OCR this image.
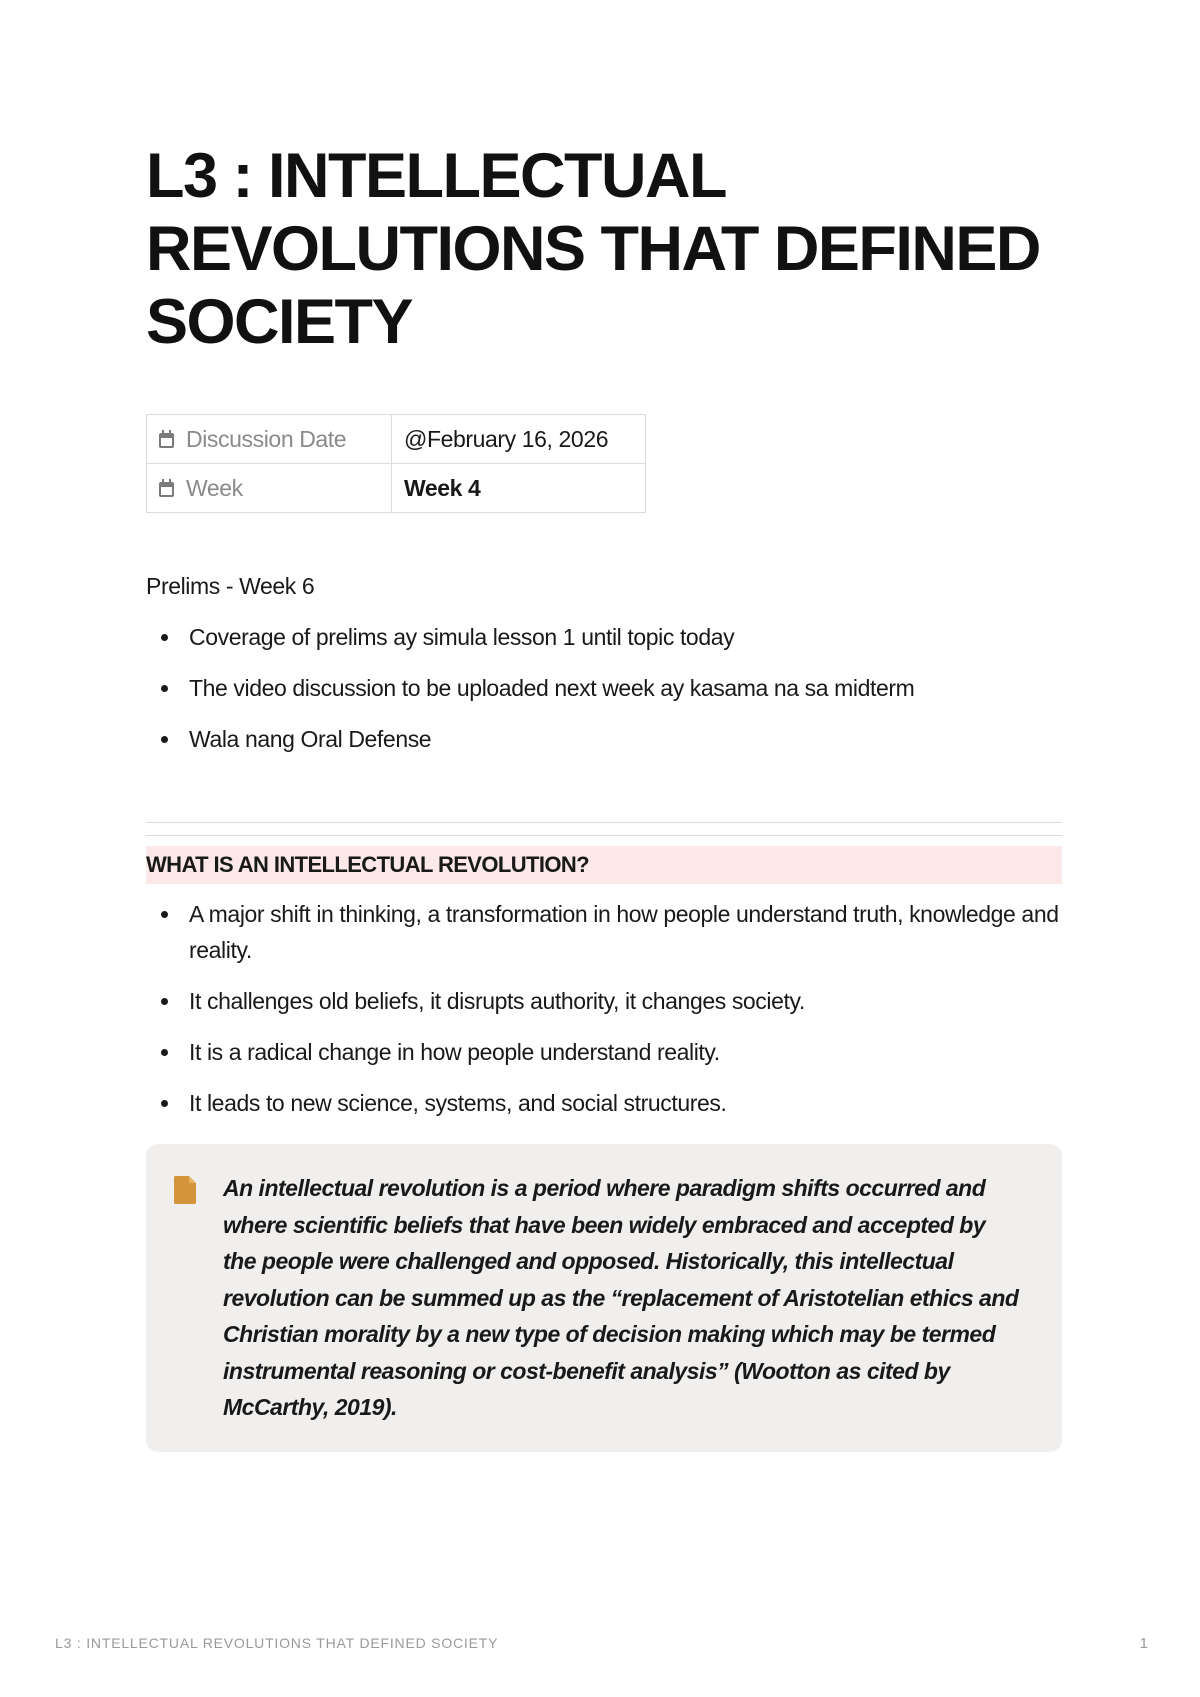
L3 : INTELLECTUAL REVOLUTIONS THAT DEFINED SOCIETY
Discussion Date	@February 16, 2026
Week	Week 4
Prelims - Week 6
Coverage of prelims ay simula lesson 1 until topic today
The video discussion to be uploaded next week ay kasama na sa midterm
Wala nang Oral Defense
WHAT IS AN INTELLECTUAL REVOLUTION?
A major shift in thinking, a transformation in how people understand truth, knowledge and reality.
It challenges old beliefs, it disrupts authority, it changes society.
It is a radical change in how people understand reality.
It leads to new science, systems, and social structures.
An intellectual revolution is a period where paradigm shifts occurred and where scientific beliefs that have been widely embraced and accepted by the people were challenged and opposed. Historically, this intellectual revolution can be summed up as the “replacement of Aristotelian ethics and Christian morality by a new type of decision making which may be termed instrumental reasoning or cost-benefit analysis” (Wootton as cited by McCarthy, 2019).
L3 : INTELLECTUAL REVOLUTIONS THAT DEFINED SOCIETY	1
